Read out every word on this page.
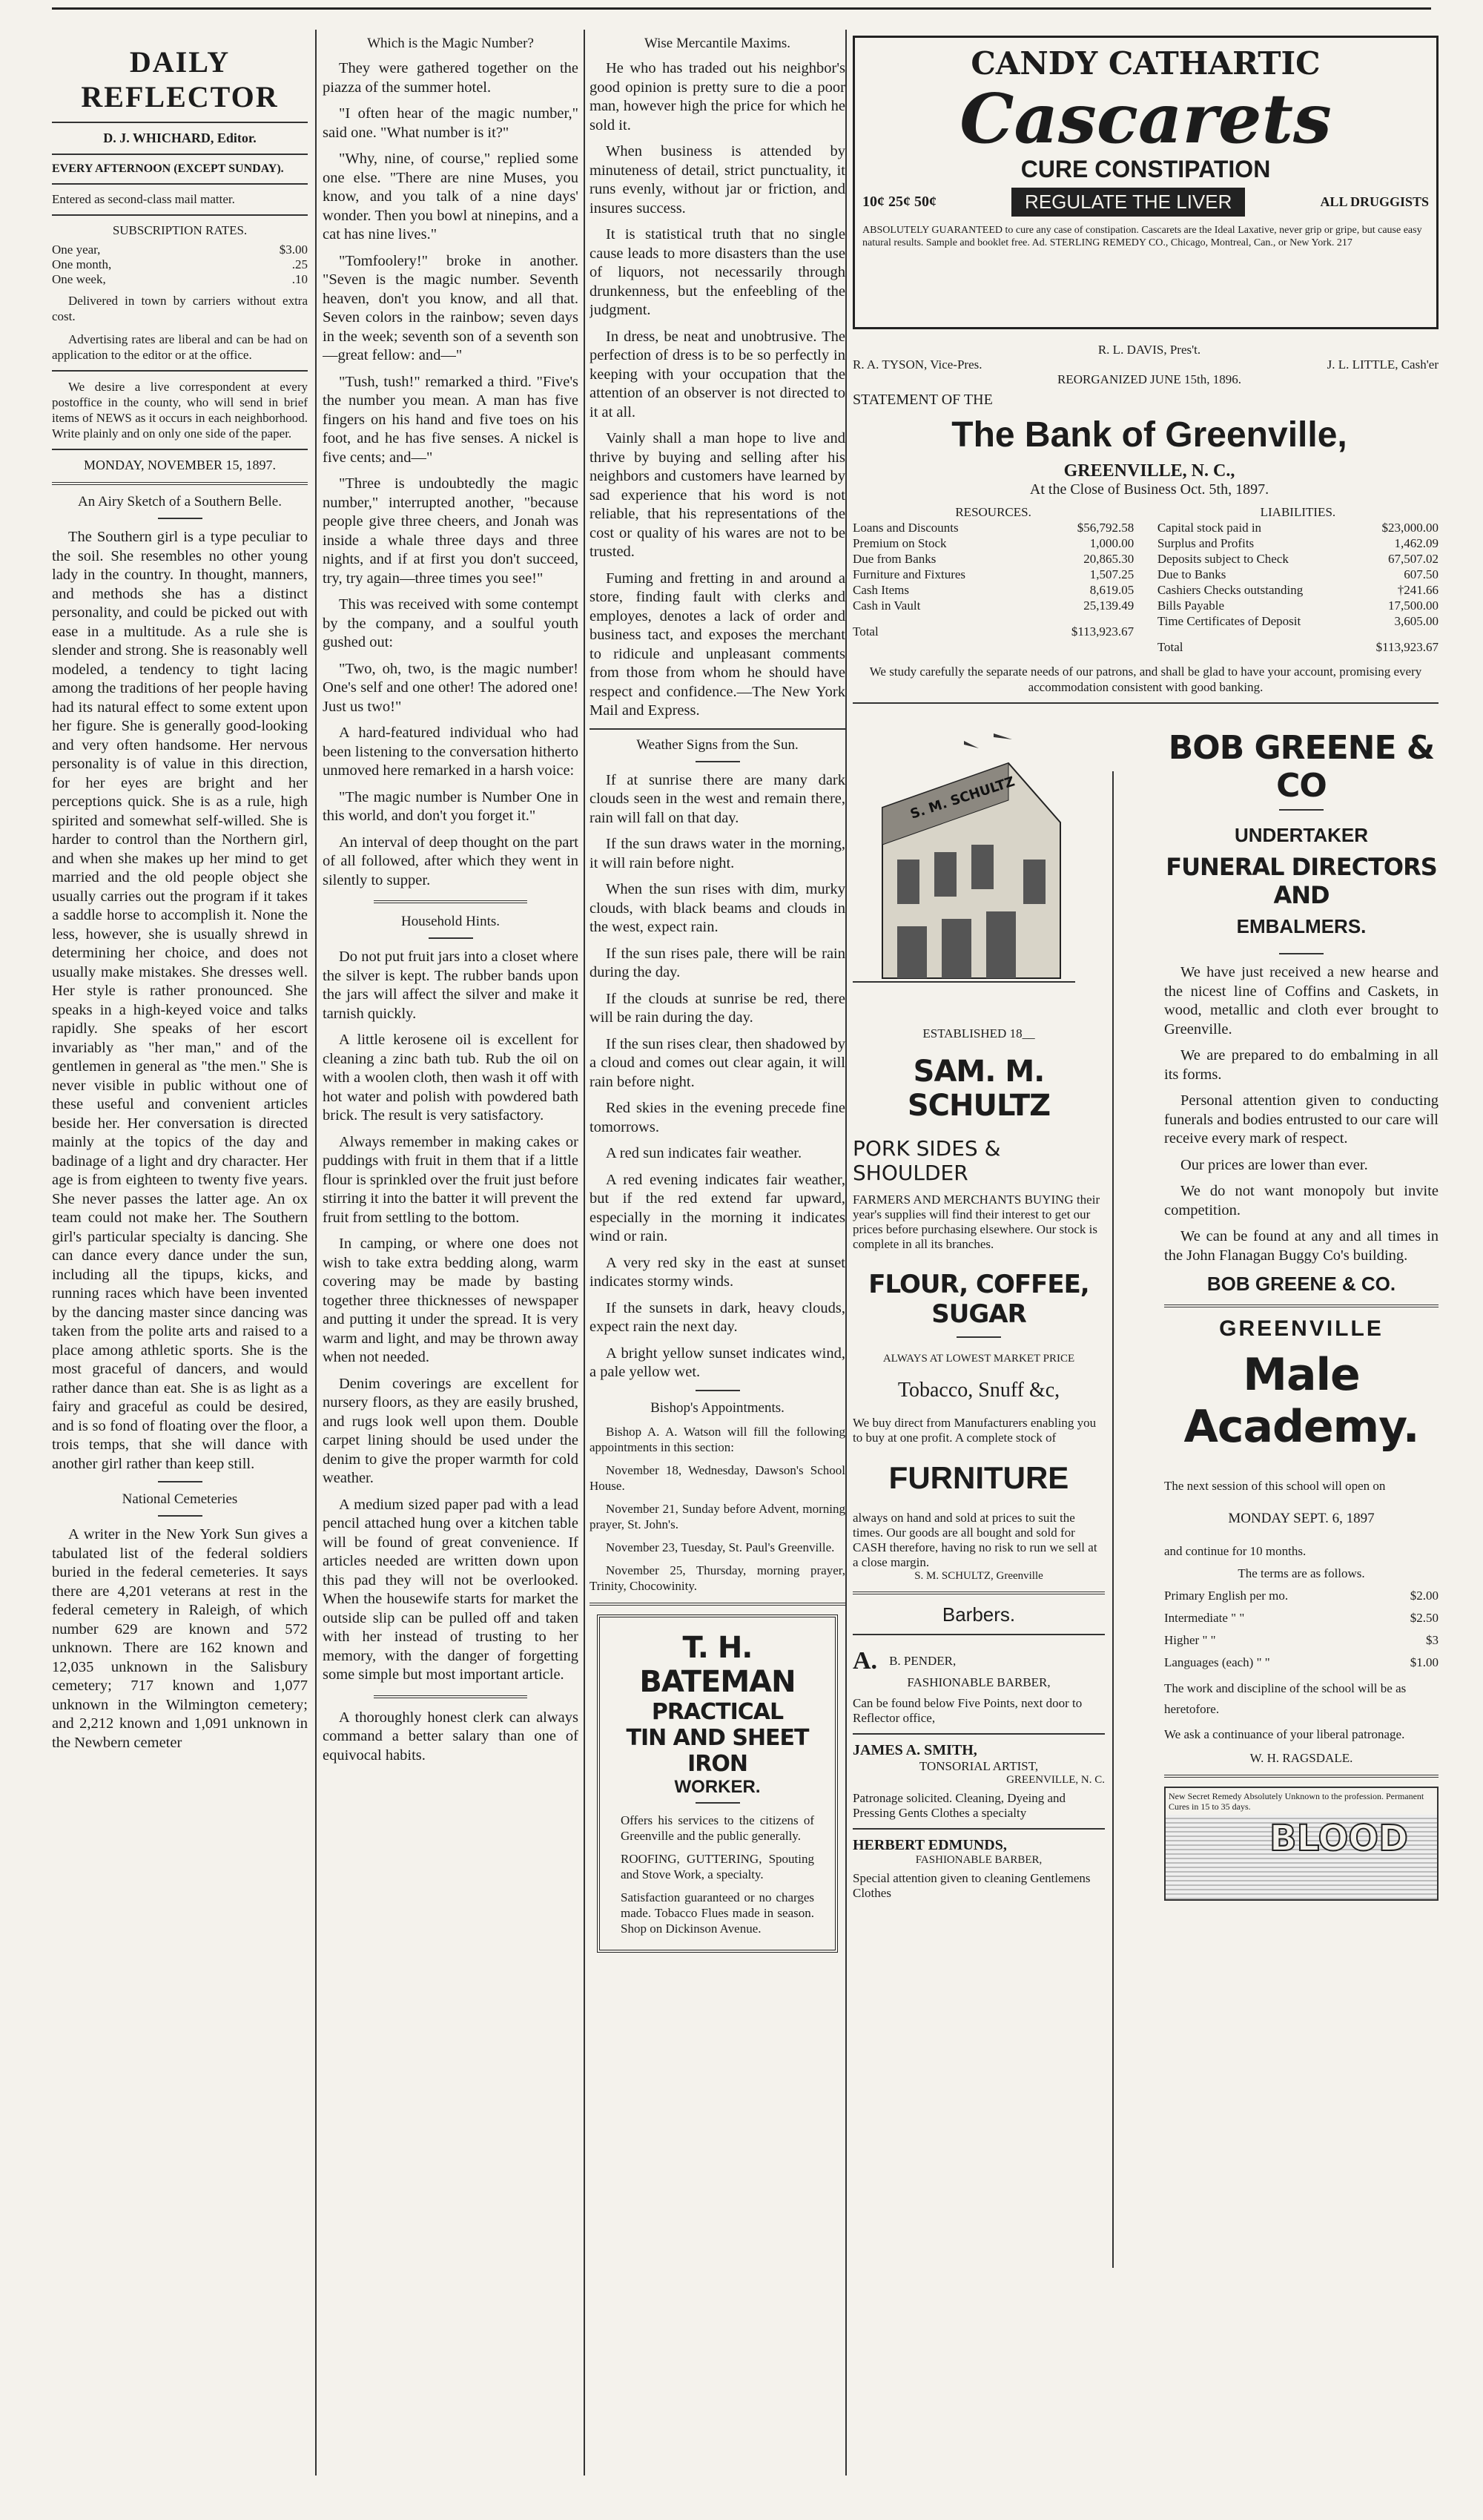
DAILY REFLECTOR
D. J. WHICHARD, Editor.
EVERY AFTERNOON (EXCEPT SUNDAY).
Entered as second-class mail matter.
SUBSCRIPTION RATES.
One year,	$3.00
One month,	.25
One week,	.10

Delivered in town by carriers without extra cost.

Advertising rates are liberal and can be had on application to the editor or at the office.

We desire a live correspondent at every postoffice in the county, who will send in brief items of NEWS as it occurs in each neighborhood. Write plainly and on only one side of the paper.

MONDAY, NOVEMBER 15, 1897.
An Airy Sketch of a Southern Belle.

The Southern girl is a type peculiar to the soil. She resembles no other young lady in the country. In thought, manners, and methods she has a distinct personality, and could be picked out with ease in a multitude. As a rule she is slender and strong. She is reasonably well modeled, a tendency to tight lacing among the traditions of her people having had its natural effect to some extent upon her figure. She is generally good-looking and very often handsome. Her nervous personality is of value in this direction, for her eyes are bright and her perceptions quick. She is as a rule, high spirited and somewhat self-willed. She is harder to control than the Northern girl, and when she makes up her mind to get married and the old people object she usually carries out the program if it takes a saddle horse to accomplish it. None the less, however, she is usually shrewd in determining her choice, and does not usually make mistakes. She dresses well. Her style is rather pronounced. She speaks in a high-keyed voice and talks rapidly. She speaks of her escort invariably as "her man," and of the gentlemen in general as "the men." She is never visible in public without one of these useful and convenient articles beside her. Her conversation is directed mainly at the topics of the day and badinage of a light and dry character. Her age is from eighteen to twenty five years. She never passes the latter age. An ox team could not make her. The Southern girl's particular specialty is dancing. She can dance every dance under the sun, including all the tipups, kicks, and running races which have been invented by the dancing master since dancing was taken from the polite arts and raised to a place among athletic sports. She is the most graceful of dancers, and would rather dance than eat. She is as light as a fairy and graceful as could be desired, and is so fond of floating over the floor, a trois temps, that she will dance with another girl rather than keep still.

National Cemeteries

A writer in the New York Sun gives a tabulated list of the federal soldiers buried in the federal cemeteries. It says there are 4,201 veterans at rest in the federal cemetery in Raleigh, of which number 629 are known and 572 unknown. There are 162 known and 12,035 unknown in the Salisbury cemetery; 717 known and 1,077 unknown in the Wilmington cemetery; and 2,212 known and 1,091 unknown in the Newbern cemeter

Which is the Magic Number?

They were gathered together on the piazza of the summer hotel.

"I often hear of the magic number," said one. "What number is it?"

"Why, nine, of course," replied some one else. "There are nine Muses, you know, and you talk of a nine days' wonder. Then you bowl at ninepins, and a cat has nine lives."

"Tomfoolery!" broke in another. "Seven is the magic number. Seventh heaven, don't you know, and all that. Seven colors in the rainbow; seven days in the week; seventh son of a seventh son—great fellow: and—"

"Tush, tush!" remarked a third. "Five's the number you mean. A man has five fingers on his hand and five toes on his foot, and he has five senses. A nickel is five cents; and—"

"Three is undoubtedly the magic number," interrupted another, "because people give three cheers, and Jonah was inside a whale three days and three nights, and if at first you don't succeed, try, try again—three times you see!"

This was received with some contempt by the company, and a soulful youth gushed out:

"Two, oh, two, is the magic number! One's self and one other! The adored one! Just us two!"

A hard-featured individual who had been listening to the conversation hitherto unmoved here remarked in a harsh voice:

"The magic number is Number One in this world, and don't you forget it."

An interval of deep thought on the part of all followed, after which they went in silently to supper.

Household Hints.

Do not put fruit jars into a closet where the silver is kept. The rubber bands upon the jars will affect the silver and make it tarnish quickly.

A little kerosene oil is excellent for cleaning a zinc bath tub. Rub the oil on with a woolen cloth, then wash it off with hot water and polish with powdered bath brick. The result is very satisfactory.

Always remember in making cakes or puddings with fruit in them that if a little flour is sprinkled over the fruit just before stirring it into the batter it will prevent the fruit from settling to the bottom.

In camping, or where one does not wish to take extra bedding along, warm covering may be made by basting together three thicknesses of newspaper and putting it under the spread. It is very warm and light, and may be thrown away when not needed.

Denim coverings are excellent for nursery floors, as they are easily brushed, and rugs look well upon them. Double carpet lining should be used under the denim to give the proper warmth for cold weather.

A medium sized paper pad with a lead pencil attached hung over a kitchen table will be found of great convenience. If articles needed are written down upon this pad they will not be overlooked. When the housewife starts for market the outside slip can be pulled off and taken with her instead of trusting to her memory, with the danger of forgetting some simple but most important article.

A thoroughly honest clerk can always command a better salary than one of equivocal habits.

Wise Mercantile Maxims.

He who has traded out his neighbor's good opinion is pretty sure to die a poor man, however high the price for which he sold it.

When business is attended by minuteness of detail, strict punctuality, it runs evenly, without jar or friction, and insures success.

It is statistical truth that no single cause leads to more disasters than the use of liquors, not necessarily through drunkenness, but the enfeebling of the judgment.

In dress, be neat and unobtrusive. The perfection of dress is to be so perfectly in keeping with your occupation that the attention of an observer is not directed to it at all.

Vainly shall a man hope to live and thrive by buying and selling after his neighbors and customers have learned by sad experience that his word is not reliable, that his representations of the cost or quality of his wares are not to be trusted.

Fuming and fretting in and around a store, finding fault with clerks and employes, denotes a lack of order and business tact, and exposes the merchant to ridicule and unpleasant comments from those from whom he should have respect and confidence.—The New York Mail and Express.

Weather Signs from the Sun.

If at sunrise there are many dark clouds seen in the west and remain there, rain will fall on that day.

If the sun draws water in the morning, it will rain before night.

When the sun rises with dim, murky clouds, with black beams and clouds in the west, expect rain.

If the sun rises pale, there will be rain during the day.

If the clouds at sunrise be red, there will be rain during the day.

If the sun rises clear, then shadowed by a cloud and comes out clear again, it will rain before night.

Red skies in the evening precede fine tomorrows.

A red sun indicates fair weather.

A red evening indicates fair weather, but if the red extend far upward, especially in the morning it indicates wind or rain.

A very red sky in the east at sunset indicates stormy winds.

If the sunsets in dark, heavy clouds, expect rain the next day.

A bright yellow sunset indicates wind, a pale yellow wet.

Bishop's Appointments.

Bishop A. A. Watson will fill the following appointments in this section:

November 18, Wednesday, Dawson's School House.

November 21, Sunday before Advent, morning prayer, St. John's.

November 23, Tuesday, St. Paul's Greenville.

November 25, Thursday, morning prayer, Trinity, Chocowinity.

T. H. BATEMAN
PRACTICAL
TIN AND SHEET IRON
WORKER.

Offers his services to the citizens of Greenville and the public generally.

ROOFING, GUTTERING, Spouting and Stove Work, a specialty.

Satisfaction guaranteed or no charges made. Tobacco Flues made in season. Shop on Dickinson Avenue.

CANDY CATHARTIC
Cascarets
CURE CONSTIPATION
10¢ 25¢ 50¢	REGULATE THE LIVER	ALL DRUGGISTS
ABSOLUTELY GUARANTEED to cure any case of constipation. Cascarets are the Ideal Laxative, never grip or gripe, but cause easy natural results. Sample and booklet free. Ad. STERLING REMEDY CO., Chicago, Montreal, Can., or New York. 217
R. L. DAVIS, Pres't.
R. A. TYSON, Vice-Pres.	J. L. LITTLE, Cash'er
REORGANIZED JUNE 15th, 1896.
STATEMENT OF THE
The Bank of Greenville,
GREENVILLE, N. C.,
At the Close of Business Oct. 5th, 1897.
RESOURCES.
Loans and Discounts	$56,792.58
Premium on Stock	1,000.00
Due from Banks	20,865.30
Furniture and Fixtures	1,507.25
Cash Items	8,619.05
Cash in Vault	25,139.49
Total	$113,923.67
LIABILITIES.
Capital stock paid in	$23,000.00
Surplus and Profits	1,462.09
Deposits subject to Check	67,507.02
Due to Banks	607.50
Cashiers Checks outstanding	†241.66
Bills Payable	17,500.00
Time Certificates of Deposit	3,605.00
Total	$113,923.67
We study carefully the separate needs of our patrons, and shall be glad to have your account, promising every accommodation consistent with good banking.
S. M. SCHULTZ
ESTABLISHED 18__
SAM. M. SCHULTZ
PORK SIDES & SHOULDER
FARMERS AND MERCHANTS BUYING their year's supplies will find their interest to get our prices before purchasing elsewhere. Our stock is complete in all its branches.
FLOUR, COFFEE, SUGAR
ALWAYS AT LOWEST MARKET PRICE
Tobacco, Snuff &c,
We buy direct from Manufacturers enabling you to buy at one profit. A complete stock of
FURNITURE
always on hand and sold at prices to suit the times. Our goods are all bought and sold for CASH therefore, having no risk to run we sell at a close margin.
S. M. SCHULTZ, Greenville
Barbers.
A. B. PENDER,
FASHIONABLE BARBER,
Can be found below Five Points, next door to Reflector office,
JAMES A. SMITH,
TONSORIAL ARTIST,
GREENVILLE, N. C.
Patronage solicited. Cleaning, Dyeing and Pressing Gents Clothes a specialty
HERBERT EDMUNDS,
FASHIONABLE BARBER,
Special attention given to cleaning Gentlemens Clothes
BOB GREENE & CO
UNDERTAKER
FUNERAL DIRECTORS AND
EMBALMERS.

We have just received a new hearse and the nicest line of Coffins and Caskets, in wood, metallic and cloth ever brought to Greenville.

We are prepared to do embalming in all its forms.

Personal attention given to conducting funerals and bodies entrusted to our care will receive every mark of respect.

Our prices are lower than ever.

We do not want monopoly but invite competition.

We can be found at any and all times in the John Flanagan Buggy Co's building.

BOB GREENE & CO.
GREENVILLE
Male Academy.
The next session of this school will open on
MONDAY SEPT. 6, 1897
and continue for 10 months.
The terms are as follows.
Primary English per mo.	$2.00
Intermediate " "	$2.50
Higher " "	$3
Languages (each) " "	$1.00
The work and discipline of the school will be as heretofore.
We ask a continuance of your liberal patronage.
W. H. RAGSDALE.
New Secret Remedy Absolutely Unknown to the profession. Permanent Cures in 15 to 35 days.
BLOOD
